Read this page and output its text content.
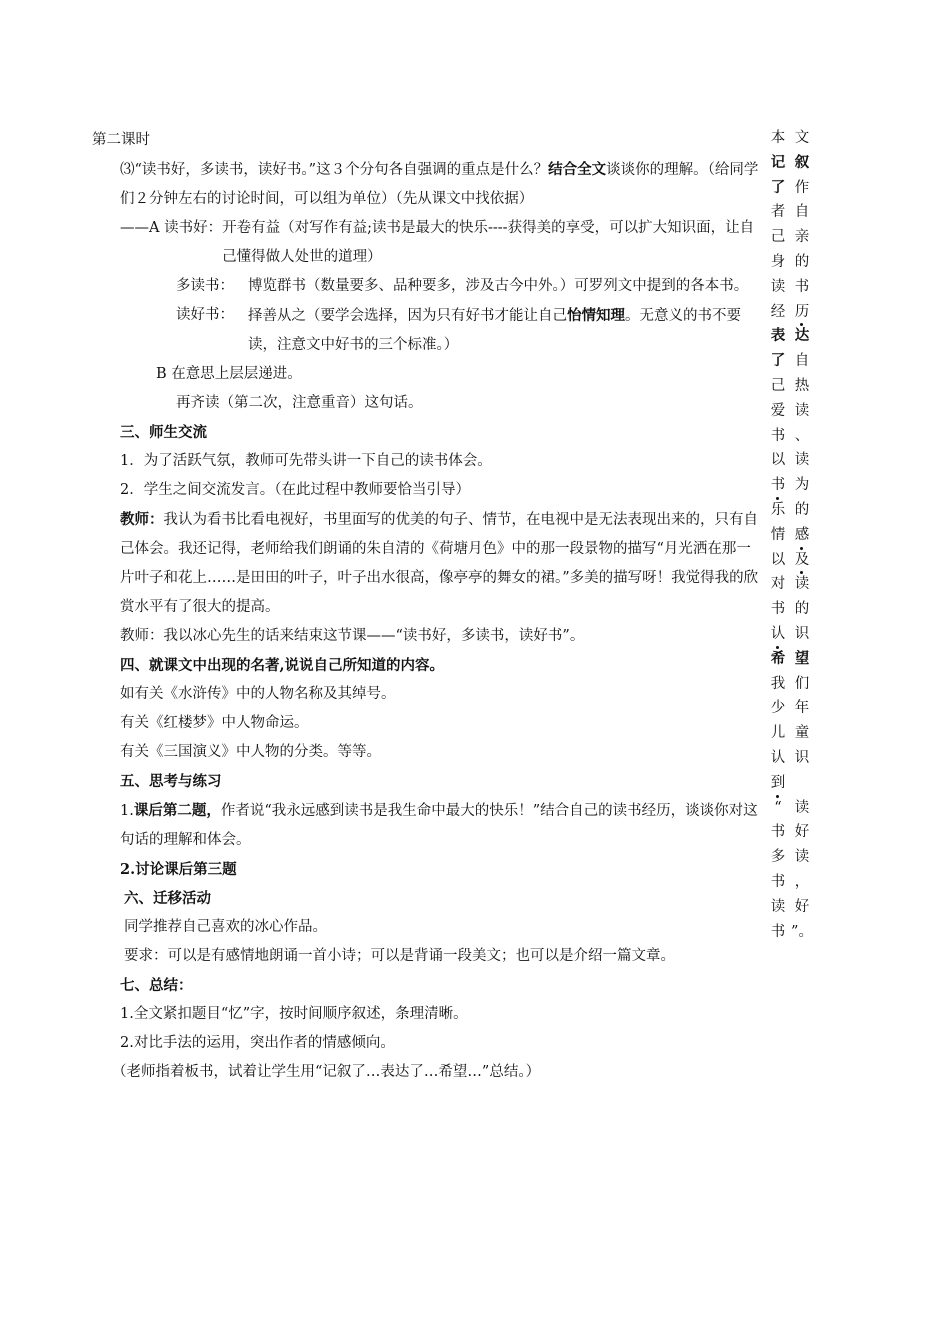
第二课时
⑶“读书好，多读书，读好书。”这３个分句各自强调的重点是什么？结合全文谈谈你的理解。（给同学们２分钟左右的讨论时间，可以组为单位）（先从课文中找依据）
——A 读书好： 开卷有益（对写作有益;读书是最大的快乐----获得美的享受，可以扩大知识面，让自己懂得做人处世的道理）
多读书： 博览群书（数量要多、品种要多，涉及古今中外。）可罗列文中提到的各本书。
读好书： 择善从之（要学会选择，因为只有好书才能让自己怡情知理。无意义的书不要读，注意文中好书的三个标准。）
B 在意思上层层递进。
再齐读（第二次，注意重音）这句话。
三、师生交流
1．为了活跃气氛，教师可先带头讲一下自己的读书体会。
2．学生之间交流发言。（在此过程中教师要恰当引导）
教师：我认为看书比看电视好，书里面写的优美的句子、情节，在电视中是无法表现出来的，只有自己体会。我还记得，老师给我们朗诵的朱自清的《荷塘月色》中的那一段景物的描写“月光洒在那一片叶子和花上……是田田的叶子，叶子出水很高，像亭亭的舞女的裙。”多美的描写呀！我觉得我的欣赏水平有了很大的提高。
教师：我以冰心先生的话来结束这节课——“读书好，多读书，读好书”。
四、就课文中出现的名著,说说自己所知道的内容。
如有关《水浒传》中的人物名称及其绰号。
有关《红楼梦》中人物命运。
有关《三国演义》中人物的分类。等等。
五、思考与练习
1.课后第二题，作者说“我永远感到读书是我生命中最大的快乐！”结合自己的读书经历，谈谈你对这句话的理解和体会。
2.讨论课后第三题
六、迁移活动
同学推荐自己喜欢的冰心作品。
要求：可以是有感情地朗诵一首小诗；可以是背诵一段美文；也可以是介绍一篇文章。
七、总结：
1.全文紧扣题目“忆”字，按时间顺序叙述，条理清晰。
2.对比手法的运用，突出作者的情感倾向。
（老师指着板书，试着让学生用“记叙了…表达了…希望…”总结。）
本 文
记 叙
了 作
者 自
己 亲
身 的
读 书
经 历
表 达
了 自
己 热
爱 读
书 、
以 读
书 为
乐 的
情 感
以 及
对 读
书 的
认 识
希 望
我 们
少 年
儿 童
认 识
到
“ 读
书 好
多 读
书 ，
读 好
书 ”。
